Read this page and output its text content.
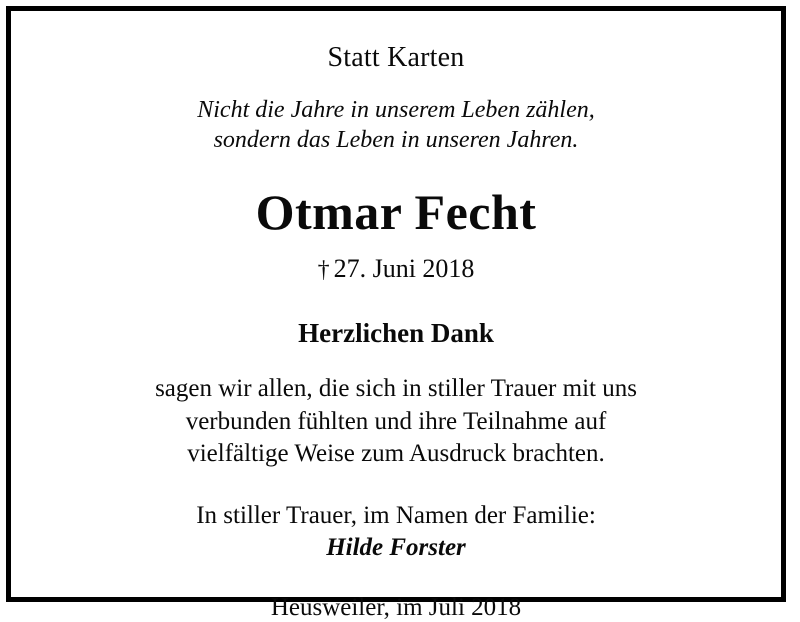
Statt Karten
Nicht die Jahre in unserem Leben zählen,
sondern das Leben in unseren Jahren.
Otmar Fecht
† 27. Juni 2018
Herzlichen Dank
sagen wir allen, die sich in stiller Trauer mit uns
verbunden fühlten und ihre Teilnahme auf
vielfältige Weise zum Ausdruck brachten.
In stiller Trauer, im Namen der Familie:
Hilde Forster
Heusweiler, im Juli 2018
